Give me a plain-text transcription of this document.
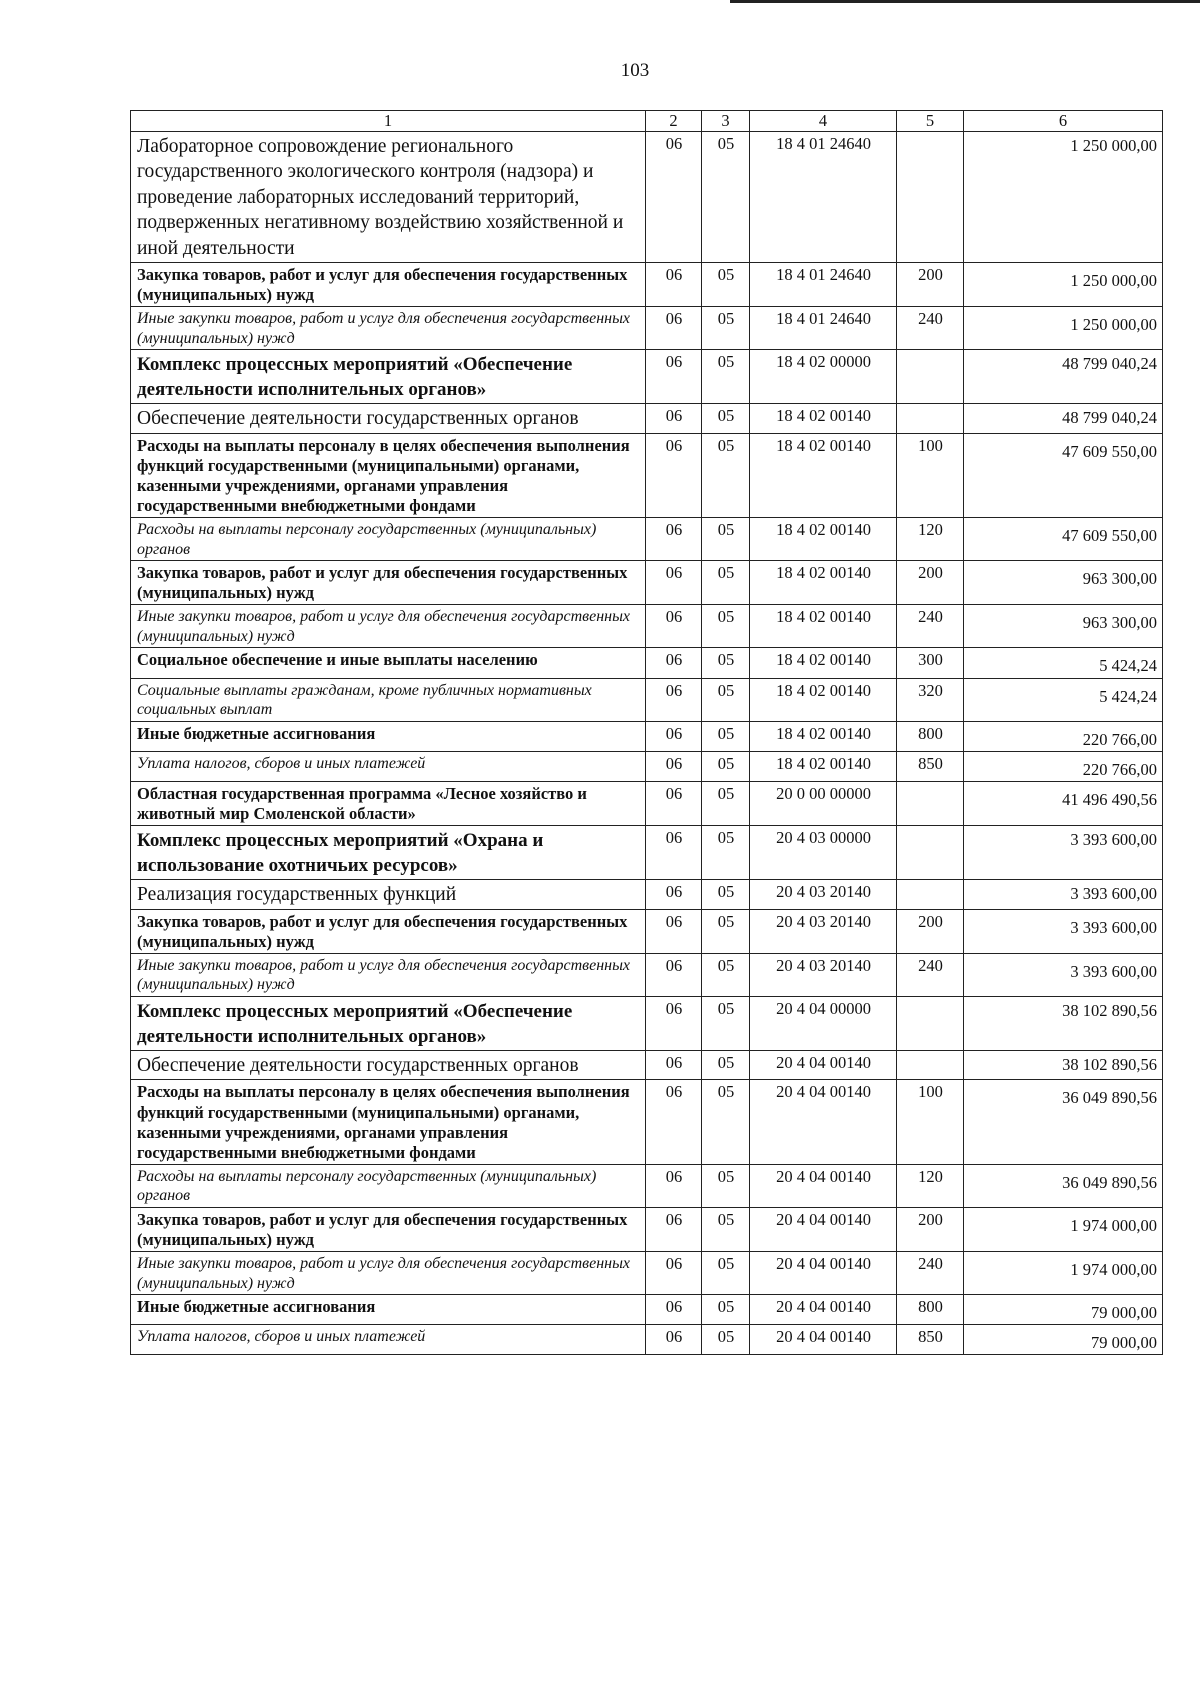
103
1	2	3	4	5	6
Лабораторное сопровождение регионального государственного экологического контроля (надзора) и проведение лабораторных исследований территорий, подверженных негативному воздействию хозяйственной и иной деятельности	06	05	18 4 01 24640		1 250 000,00
Закупка товаров, работ и услуг для обеспечения государственных (муниципальных) нужд	06	05	18 4 01 24640	200	1 250 000,00
Иные закупки товаров, работ и услуг для обеспечения государственных (муниципальных) нужд	06	05	18 4 01 24640	240	1 250 000,00
Комплекс процессных мероприятий «Обеспечение деятельности исполнительных органов»	06	05	18 4 02 00000		48 799 040,24
Обеспечение деятельности государственных органов	06	05	18 4 02 00140		48 799 040,24
Расходы на выплаты персоналу в целях обеспечения выполнения функций государственными (муниципальными) органами, казенными учреждениями, органами управления государственными внебюджетными фондами	06	05	18 4 02 00140	100	47 609 550,00
Расходы на выплаты персоналу государственных (муниципальных) органов	06	05	18 4 02 00140	120	47 609 550,00
Закупка товаров, работ и услуг для обеспечения государственных (муниципальных) нужд	06	05	18 4 02 00140	200	963 300,00
Иные закупки товаров, работ и услуг для обеспечения государственных (муниципальных) нужд	06	05	18 4 02 00140	240	963 300,00
Социальное обеспечение и иные выплаты населению	06	05	18 4 02 00140	300	5 424,24
Социальные выплаты гражданам, кроме публичных нормативных социальных выплат	06	05	18 4 02 00140	320	5 424,24
Иные бюджетные ассигнования	06	05	18 4 02 00140	800	220 766,00
Уплата налогов, сборов и иных платежей	06	05	18 4 02 00140	850	220 766,00
Областная государственная программа «Лесное хозяйство и животный мир Смоленской области»	06	05	20 0 00 00000		41 496 490,56
Комплекс процессных мероприятий «Охрана и использование охотничьих ресурсов»	06	05	20 4 03 00000		3 393 600,00
Реализация государственных функций	06	05	20 4 03 20140		3 393 600,00
Закупка товаров, работ и услуг для обеспечения государственных (муниципальных) нужд	06	05	20 4 03 20140	200	3 393 600,00
Иные закупки товаров, работ и услуг для обеспечения государственных (муниципальных) нужд	06	05	20 4 03 20140	240	3 393 600,00
Комплекс процессных мероприятий «Обеспечение деятельности исполнительных органов»	06	05	20 4 04 00000		38 102 890,56
Обеспечение деятельности государственных органов	06	05	20 4 04 00140		38 102 890,56
Расходы на выплаты персоналу в целях обеспечения выполнения функций государственными (муниципальными) органами, казенными учреждениями, органами управления государственными внебюджетными фондами	06	05	20 4 04 00140	100	36 049 890,56
Расходы на выплаты персоналу государственных (муниципальных) органов	06	05	20 4 04 00140	120	36 049 890,56
Закупка товаров, работ и услуг для обеспечения государственных (муниципальных) нужд	06	05	20 4 04 00140	200	1 974 000,00
Иные закупки товаров, работ и услуг для обеспечения государственных (муниципальных) нужд	06	05	20 4 04 00140	240	1 974 000,00
Иные бюджетные ассигнования	06	05	20 4 04 00140	800	79 000,00
Уплата налогов, сборов и иных платежей	06	05	20 4 04 00140	850	79 000,00
